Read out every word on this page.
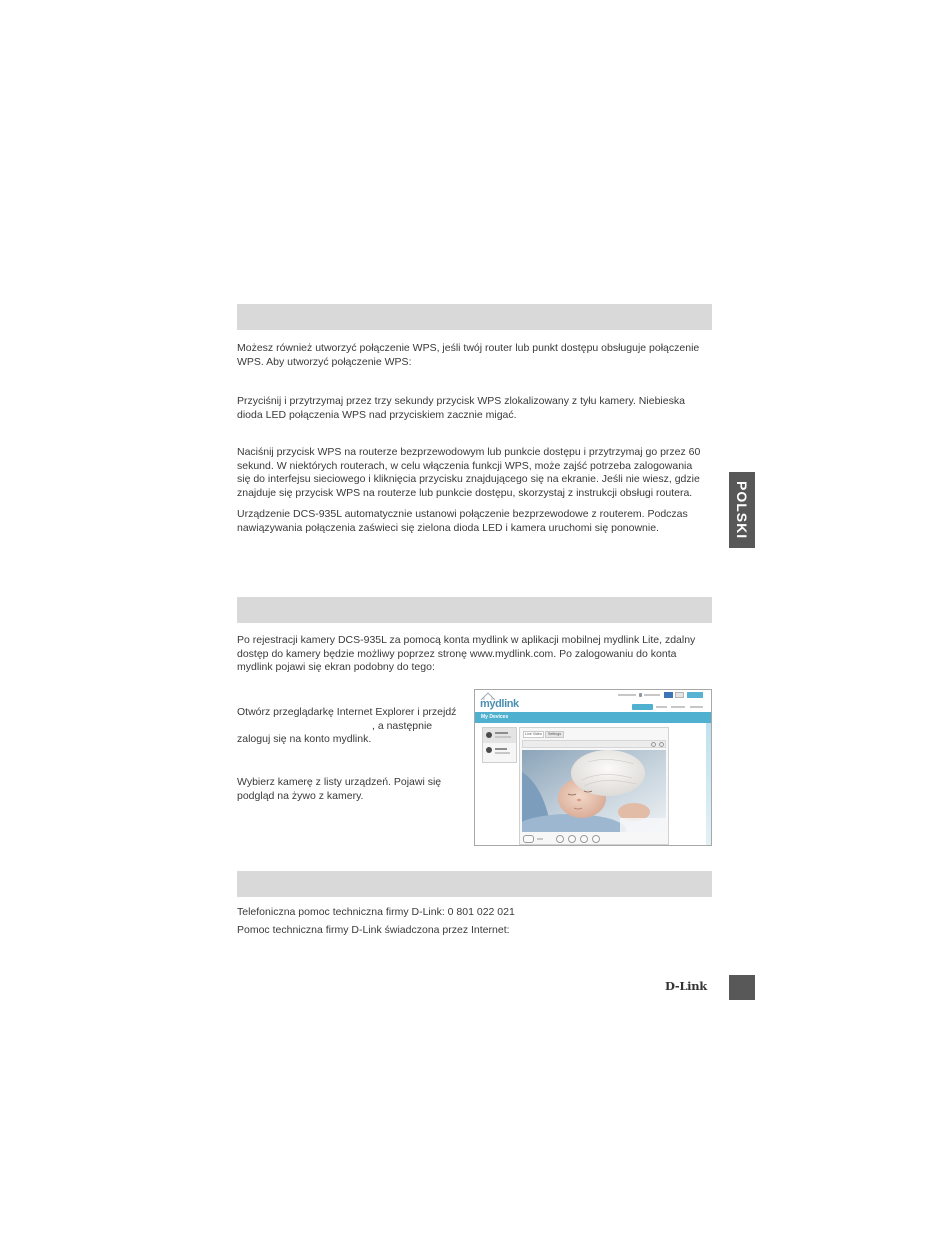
POLSKI
Możesz również utworzyć połączenie WPS, jeśli twój router lub punkt dostępu obsługuje połączenie
WPS. Aby utworzyć połączenie WPS:
Przyciśnij i przytrzymaj przez trzy sekundy przycisk WPS zlokalizowany z tyłu kamery. Niebieska
dioda LED połączenia WPS nad przyciskiem zacznie migać.
Naciśnij przycisk WPS na routerze bezprzewodowym lub punkcie dostępu i przytrzymaj go przez 60
sekund. W niektórych routerach, w celu włączenia funkcji WPS, może zajść potrzeba zalogowania
się do interfejsu sieciowego i kliknięcia przycisku znajdującego się na ekranie. Jeśli nie wiesz, gdzie
znajduje się przycisk WPS na routerze lub punkcie dostępu, skorzystaj z instrukcji obsługi routera.
Urządzenie DCS-935L automatycznie ustanowi połączenie bezprzewodowe z routerem. Podczas
nawiązywania połączenia zaświeci się zielona dioda LED i kamera uruchomi się ponownie.
Po rejestracji kamery DCS-935L za pomocą konta mydlink w aplikacji mobilnej mydlink Lite, zdalny
dostęp do kamery będzie możliwy poprzez stronę www.mydlink.com. Po zalogowaniu do konta
mydlink pojawi się ekran podobny do tego:
Otwórz przeglądarkę Internet Explorer i przejdź
, a następnie
zaloguj się na konto mydlink.
Wybierz kamerę z listy urządzeń. Pojawi się
podgląd na żywo z kamery.
mydlink
My Devices
Live Video	Settings
Telefoniczna pomoc techniczna firmy D-Link: 0 801 022 021
Pomoc techniczna firmy D-Link świadczona przez Internet:
D-Link
